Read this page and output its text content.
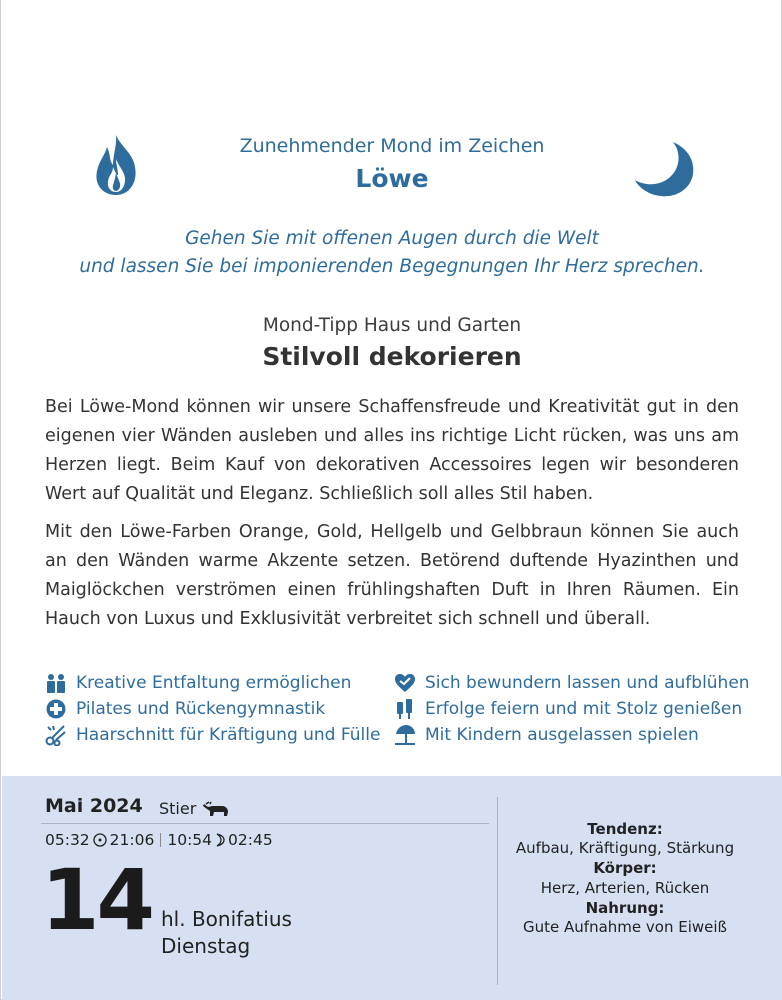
Zunehmender Mond im Zeichen
Löwe
Gehen Sie mit offenen Augen durch die Welt
und lassen Sie bei imponierenden Begegnungen Ihr Herz sprechen.
Mond-Tipp Haus und Garten
Stilvoll dekorieren

Bei Löwe-Mond können wir unsere Schaffensfreude und Kreativität gut in den eigenen vier Wänden ausleben und alles ins richtige Licht rücken, was uns am Herzen liegt. Beim Kauf von dekorativen Accessoires legen wir besonderen Wert auf Qualität und Eleganz. Schließlich soll alles Stil haben.

Mit den Löwe-Farben Orange, Gold, Hellgelb und Gelbbraun können Sie auch an den Wänden warme Akzente setzen. Betörend duftende Hyazinthen und Maiglöckchen verströmen einen frühlingshaften Duft in Ihren Räumen. Ein Hauch von Luxus und Exklusivität verbreitet sich schnell und überall.

Kreative Entfaltung ermöglichen	Sich bewundern lassen und aufblühen
Pilates und Rückengymnastik	Erfolge feiern und mit Stolz genießen
Haarschnitt für Kräftigung und Fülle	Mit Kindern ausgelassen spielen
Mai 2024 Stier
05:32 21:06 10:54 02:45
14 hl. Bonifatius
Dienstag
Tendenz:
Aufbau, Kräftigung, Stärkung
Körper:
Herz, Arterien, Rücken
Nahrung:
Gute Aufnahme von Eiweiß
